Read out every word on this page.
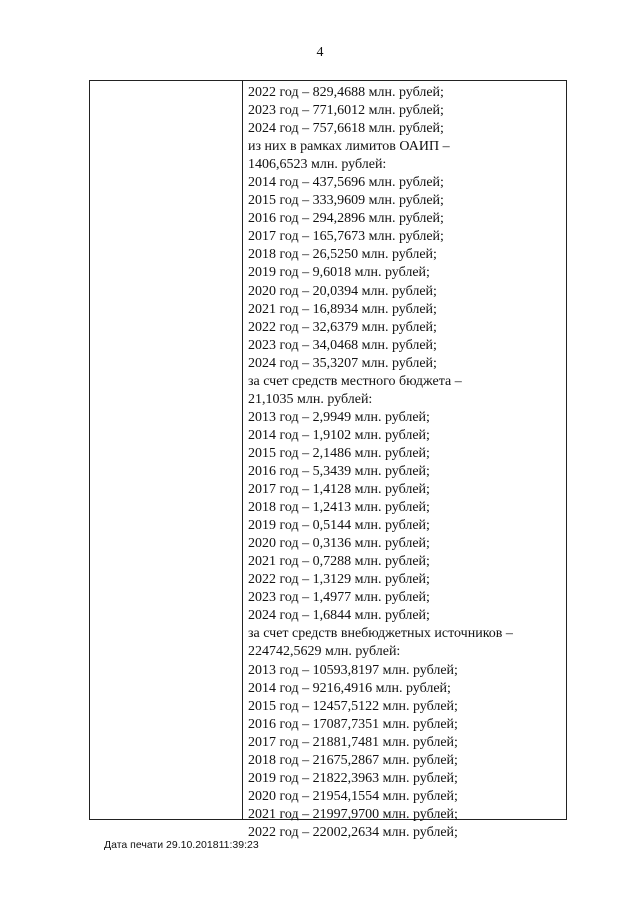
4
2022 год – 829,4688 млн. рублей;
2023 год – 771,6012 млн. рублей;
2024 год – 757,6618 млн. рублей;
из них в рамках лимитов ОАИП –
1406,6523 млн. рублей:
2014 год – 437,5696 млн. рублей;
2015 год – 333,9609 млн. рублей;
2016 год – 294,2896 млн. рублей;
2017 год – 165,7673 млн. рублей;
2018 год – 26,5250 млн. рублей;
2019 год – 9,6018 млн. рублей;
2020 год – 20,0394 млн. рублей;
2021 год – 16,8934 млн. рублей;
2022 год – 32,6379 млн. рублей;
2023 год – 34,0468 млн. рублей;
2024 год – 35,3207 млн. рублей;
за счет средств местного бюджета –
21,1035 млн. рублей:
2013 год – 2,9949 млн. рублей;
2014 год – 1,9102 млн. рублей;
2015 год – 2,1486 млн. рублей;
2016 год – 5,3439 млн. рублей;
2017 год – 1,4128 млн. рублей;
2018 год – 1,2413 млн. рублей;
2019 год – 0,5144 млн. рублей;
2020 год – 0,3136 млн. рублей;
2021 год – 0,7288 млн. рублей;
2022 год – 1,3129 млн. рублей;
2023 год – 1,4977 млн. рублей;
2024 год – 1,6844 млн. рублей;
за счет средств внебюджетных источников –
224742,5629 млн. рублей:
2013 год – 10593,8197 млн. рублей;
2014 год – 9216,4916 млн. рублей;
2015 год – 12457,5122 млн. рублей;
2016 год – 17087,7351 млн. рублей;
2017 год – 21881,7481 млн. рублей;
2018 год – 21675,2867 млн. рублей;
2019 год – 21822,3963 млн. рублей;
2020 год – 21954,1554 млн. рублей;
2021 год – 21997,9700 млн. рублей;
2022 год – 22002,2634 млн. рублей;
Дата печати 29.10.201811:39:23
